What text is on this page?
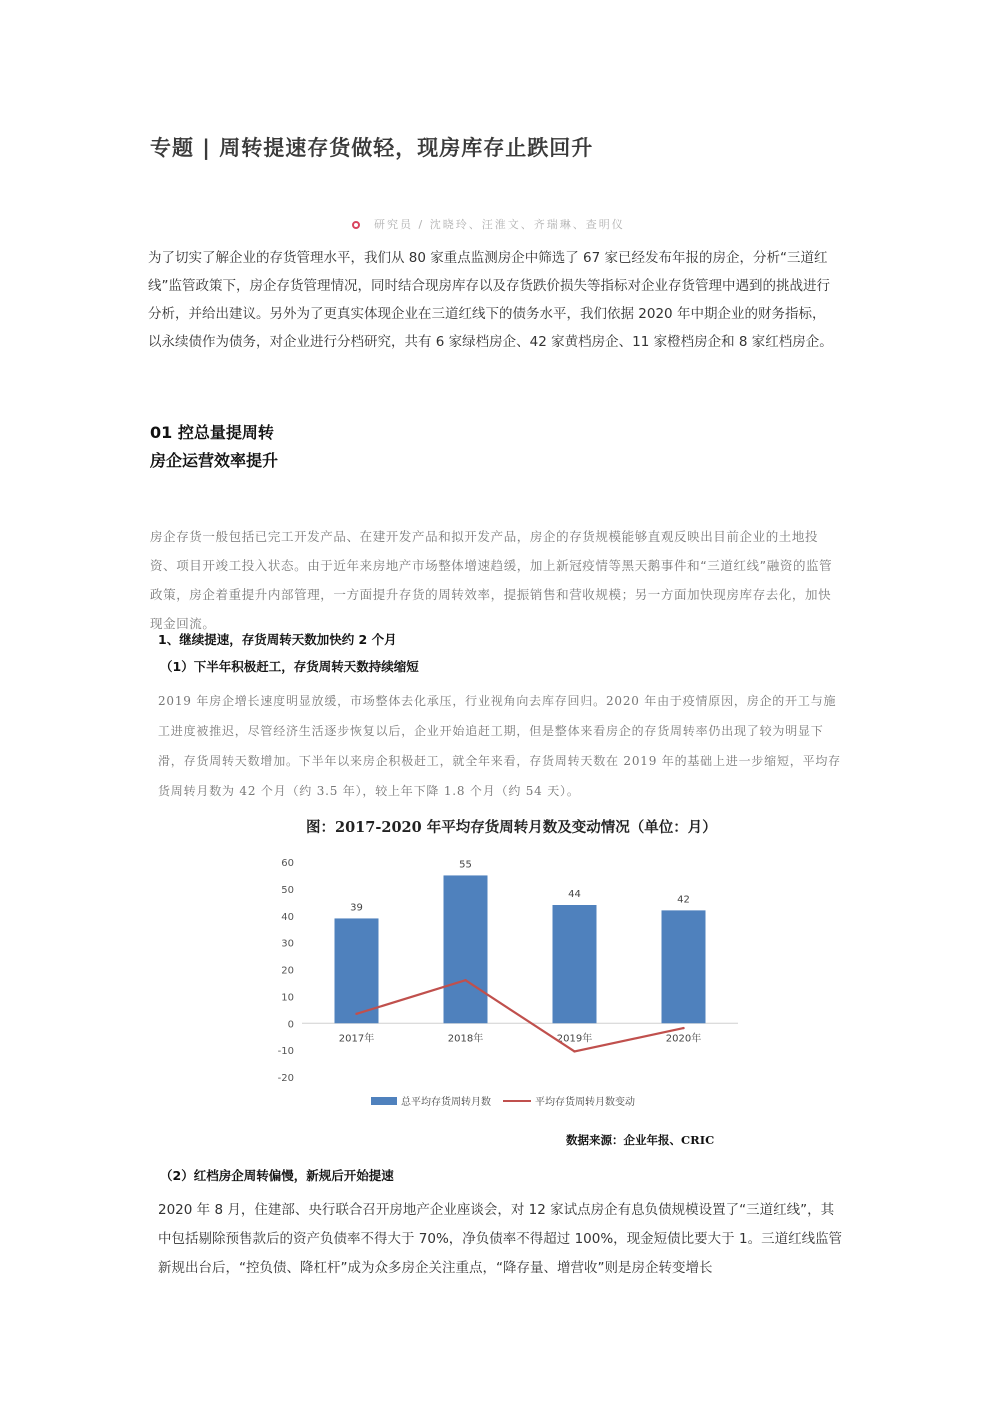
专题 | 周转提速存货做轻，现房库存止跌回升
研究员 / 沈晓玲、汪淮文、齐瑞琳、查明仪
为了切实了解企业的存货管理水平，我们从 80 家重点监测房企中筛选了 67 家已经发布年报的房企，分析“三道红线”监管政策下，房企存货管理情况，同时结合现房库存以及存货跌价损失等指标对企业存货管理中遇到的挑战进行分析，并给出建议。另外为了更真实体现企业在三道红线下的债务水平，我们依据 2020 年中期企业的财务指标，以永续债作为债务，对企业进行分档研究，共有 6 家绿档房企、42 家黄档房企、11 家橙档房企和 8 家红档房企。
01 控总量提周转
房企运营效率提升
房企存货一般包括已完工开发产品、在建开发产品和拟开发产品，房企的存货规模能够直观反映出目前企业的土地投资、项目开竣工投入状态。由于近年来房地产市场整体增速趋缓，加上新冠疫情等黑天鹅事件和“三道红线”融资的监管政策，房企着重提升内部管理，一方面提升存货的周转效率，提振销售和营收规模；另一方面加快现房库存去化，加快现金回流。
1、继续提速，存货周转天数加快约 2 个月
（1）下半年积极赶工，存货周转天数持续缩短
2019 年房企增长速度明显放缓，市场整体去化承压，行业视角向去库存回归。2020 年由于疫情原因，房企的开工与施工进度被推迟，尽管经济生活逐步恢复以后，企业开始追赶工期，但是整体来看房企的存货周转率仍出现了较为明显下滑，存货周转天数增加。下半年以来房企积极赶工，就全年来看，存货周转天数在 2019 年的基础上进一步缩短，平均存货周转月数为 42 个月（约 3.5 年），较上年下降 1.8 个月（约 54 天）。
图：2017-2020 年平均存货周转月数及变动情况（单位：月）
60
50
40
30
20
10
0
-10
-20
39
55
44	42
2017年	2018年	2019年	2020年
总平均存货周转月数	平均存货周转月数变动
数据来源：企业年报、CRIC
（2）红档房企周转偏慢，新规后开始提速
2020 年 8 月，住建部、央行联合召开房地产企业座谈会，对 12 家试点房企有息负债规模设置了“三道红线”，其中包括剔除预售款后的资产负债率不得大于 70%，净负债率不得超过 100%，现金短债比要大于 1。三道红线监管新规出台后，“控负债、降杠杆”成为众多房企关注重点，“降存量、增营收”则是房企转变增长
